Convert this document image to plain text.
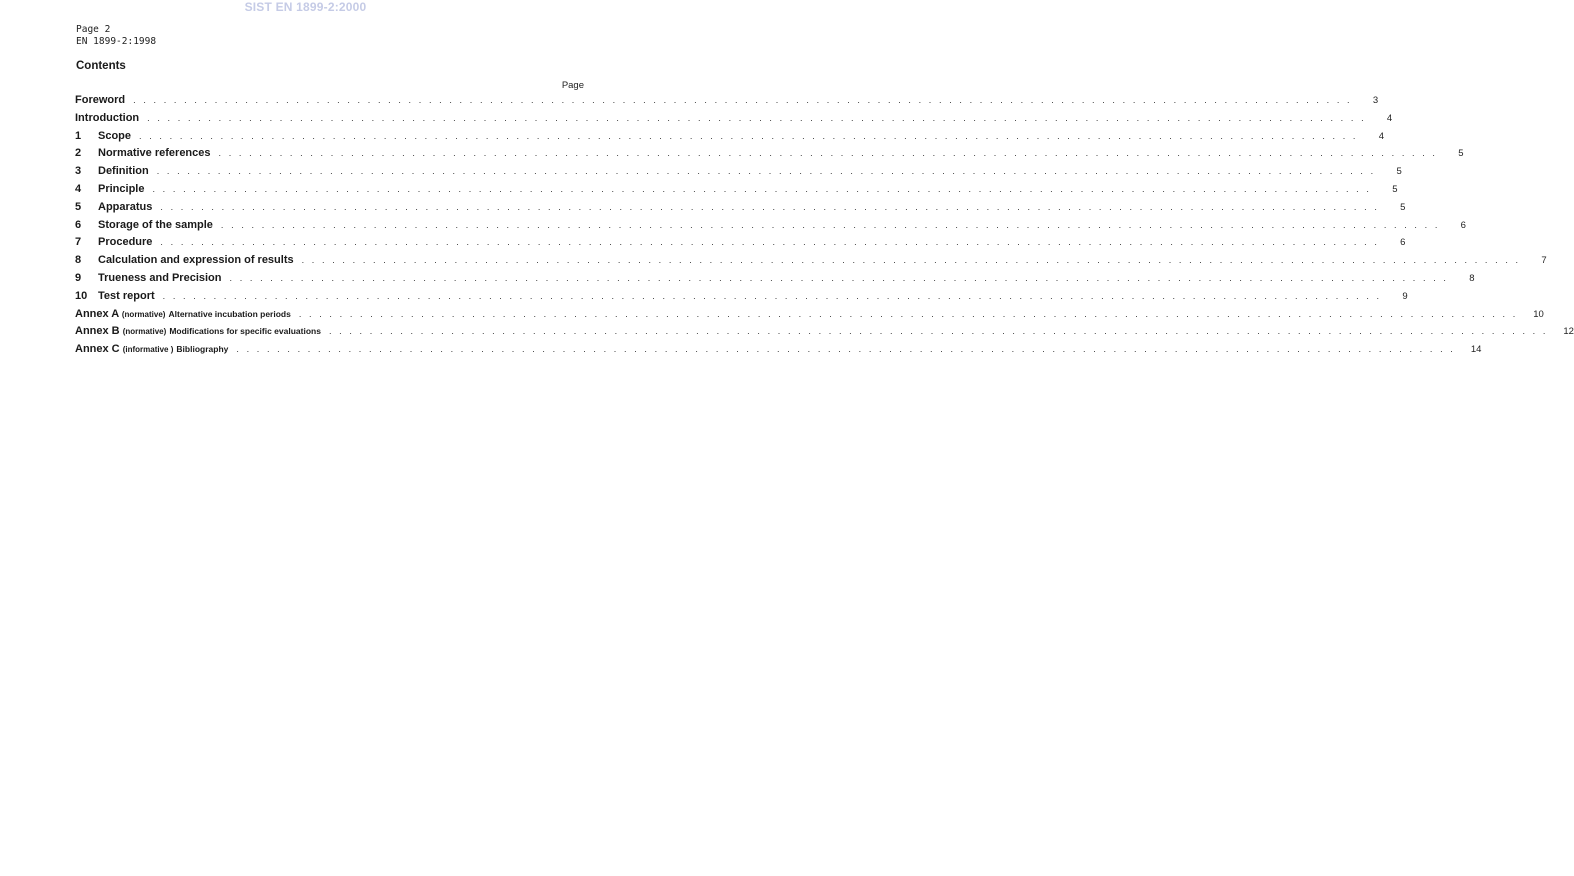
SIST EN 1899-2:2000
Page 2
EN 1899-2:1998
Contents
Page
Foreword . . . . . . . . . . . . . . . . . . . . . . . . . . . . . . . . . . . . . . . . . . . . . . . . . . . . . . . . . . . . . . . . . . . . . . . . . . . . . . . . . . . . . . . . . . . . . . . . . . . . . . . . . . . . . . . . . . . . . . . .	3
Introduction . . . . . . . . . . . . . . . . . . . . . . . . . . . . . . . . . . . . . . . . . . . . . . . . . . . . . . . . . . . . . . . . . . . . . . . . . . . . . . . . . . . . . . . . . . . . . . . . . . . . . . . . . . . . . . . . . . . . . . . .	4
1	Scope . . . . . . . . . . . . . . . . . . . . . . . . . . . . . . . . . . . . . . . . . . . . . . . . . . . . . . . . . . . . . . . . . . . . . . . . . . . . . . . . . . . . . . . . . . . . . . . . . . . . . . . . . . . . . . . . . . . . . . . .	4
2	Normative references . . . . . . . . . . . . . . . . . . . . . . . . . . . . . . . . . . . . . . . . . . . . . . . . . . . . . . . . . . . . . . . . . . . . . . . . . . . . . . . . . . . . . . . . . . . . . . . . . . . . . . . . . . . . . . . . . . . . . . . .	5
3	Definition . . . . . . . . . . . . . . . . . . . . . . . . . . . . . . . . . . . . . . . . . . . . . . . . . . . . . . . . . . . . . . . . . . . . . . . . . . . . . . . . . . . . . . . . . . . . . . . . . . . . . . . . . . . . . . . . . . . . . . . .	5
4	Principle . . . . . . . . . . . . . . . . . . . . . . . . . . . . . . . . . . . . . . . . . . . . . . . . . . . . . . . . . . . . . . . . . . . . . . . . . . . . . . . . . . . . . . . . . . . . . . . . . . . . . . . . . . . . . . . . . . . . . . . .	5
5	Apparatus . . . . . . . . . . . . . . . . . . . . . . . . . . . . . . . . . . . . . . . . . . . . . . . . . . . . . . . . . . . . . . . . . . . . . . . . . . . . . . . . . . . . . . . . . . . . . . . . . . . . . . . . . . . . . . . . . . . . . . . .	5
6	Storage of the sample . . . . . . . . . . . . . . . . . . . . . . . . . . . . . . . . . . . . . . . . . . . . . . . . . . . . . . . . . . . . . . . . . . . . . . . . . . . . . . . . . . . . . . . . . . . . . . . . . . . . . . . . . . . . . . . . . . . . . . . .	6
7	Procedure . . . . . . . . . . . . . . . . . . . . . . . . . . . . . . . . . . . . . . . . . . . . . . . . . . . . . . . . . . . . . . . . . . . . . . . . . . . . . . . . . . . . . . . . . . . . . . . . . . . . . . . . . . . . . . . . . . . . . . . .	6
8	Calculation and expression of results . . . . . . . . . . . . . . . . . . . . . . . . . . . . . . . . . . . . . . . . . . . . . . . . . . . . . . . . . . . . . . . . . . . . . . . . . . . . . . . . . . . . . . . . . . . . . . . . . . . . . . . . . . . . . . . . . . . . . . . .	7
9	Trueness and Precision . . . . . . . . . . . . . . . . . . . . . . . . . . . . . . . . . . . . . . . . . . . . . . . . . . . . . . . . . . . . . . . . . . . . . . . . . . . . . . . . . . . . . . . . . . . . . . . . . . . . . . . . . . . . . . . . . . . . . . . .	8
10 Test report . . . . . . . . . . . . . . . . . . . . . . . . . . . . . . . . . . . . . . . . . . . . . . . . . . . . . . . . . . . . . . . . . . . . . . . . . . . . . . . . . . . . . . . . . . . . . . . . . . . . . . . . . . . . . . . . . . . . . . . .	9
Annex A (normative) Alternative incubation periods . . . . . . . . . . . . . . . . . . . . . . . . . . . . . . . . . . . . . . . . . . . . . . . . . . . . . . . . . . . . . . . . . . . . . . . . . . . . . . . . . . . . . . . . . . . . . . . . . . . . . . . . . . . . . . . . . . . . . . . .	10
Annex B (normative) Modifications for specific evaluations . . . . . . . . . . . . . . . . . . . . . . . . . . . . . . . . . . . . . . . . . . . . . . . . . . . . . . . . . . . . . . . . . . . . . . . . . . . . . . . . . . . . . . . . . . . . . . . . . . . . . . . . . . . . . . . . . . . . . . . .	12
Annex C (informative ) Bibliography . . . . . . . . . . . . . . . . . . . . . . . . . . . . . . . . . . . . . . . . . . . . . . . . . . . . . . . . . . . . . . . . . . . . . . . . . . . . . . . . . . . . . . . . . . . . . . . . . . . . . . . . . . . . . . . . . . . . . . . .	14
